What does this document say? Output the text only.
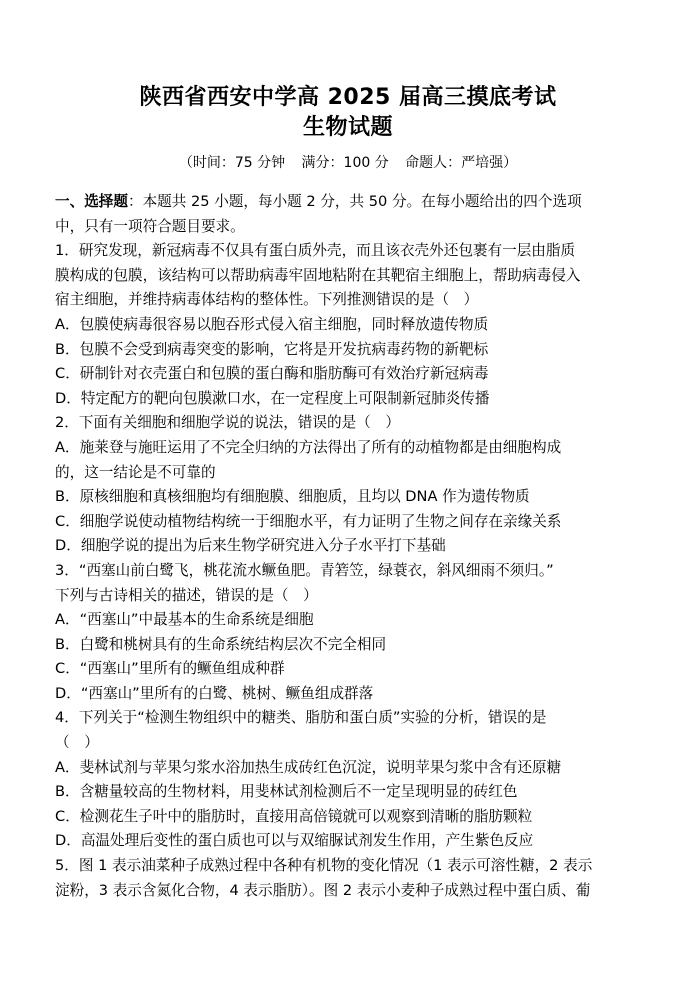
陕西省西安中学高 2025 届高三摸底考试
生物试题
（时间：75 分钟 满分：100 分 命题人：严培强）
一、选择题：本题共 25 小题，每小题 2 分，共 50 分。在每小题给出的四个选项
中，只有一项符合题目要求。
1．研究发现，新冠病毒不仅具有蛋白质外壳，而且该衣壳外还包裹有一层由脂质
膜构成的包膜，该结构可以帮助病毒牢固地粘附在其靶宿主细胞上，帮助病毒侵入
宿主细胞，并维持病毒体结构的整体性。下列推测错误的是（　）
A．包膜使病毒很容易以胞吞形式侵入宿主细胞，同时释放遗传物质
B．包膜不会受到病毒突变的影响，它将是开发抗病毒药物的新靶标
C．研制针对衣壳蛋白和包膜的蛋白酶和脂肪酶可有效治疗新冠病毒
D．特定配方的靶向包膜漱口水，在一定程度上可限制新冠肺炎传播
2．下面有关细胞和细胞学说的说法，错误的是（　）
A．施莱登与施旺运用了不完全归纳的方法得出了所有的动植物都是由细胞构成
的，这一结论是不可靠的
B．原核细胞和真核细胞均有细胞膜、细胞质，且均以 DNA 作为遗传物质
C．细胞学说使动植物结构统一于细胞水平，有力证明了生物之间存在亲缘关系
D．细胞学说的提出为后来生物学研究进入分子水平打下基础
3．“西塞山前白鹭飞，桃花流水鳜鱼肥。青箬笠，绿蓑衣，斜风细雨不须归。”
下列与古诗相关的描述，错误的是（　）
A．“西塞山”中最基本的生命系统是细胞
B．白鹭和桃树具有的生命系统结构层次不完全相同
C．“西塞山”里所有的鳜鱼组成种群
D．“西塞山”里所有的白鹭、桃树、鳜鱼组成群落
4．下列关于“检测生物组织中的糖类、脂肪和蛋白质”实验的分析，错误的是
（　）
A．斐林试剂与苹果匀浆水浴加热生成砖红色沉淀，说明苹果匀浆中含有还原糖
B．含糖量较高的生物材料，用斐林试剂检测后不一定呈现明显的砖红色
C．检测花生子叶中的脂肪时，直接用高倍镜就可以观察到清晰的脂肪颗粒
D．高温处理后变性的蛋白质也可以与双缩脲试剂发生作用，产生紫色反应
5．图 1 表示油菜种子成熟过程中各种有机物的变化情况（1 表示可溶性糖，2 表示
淀粉，3 表示含氮化合物，4 表示脂肪）。图 2 表示小麦种子成熟过程中蛋白质、葡
